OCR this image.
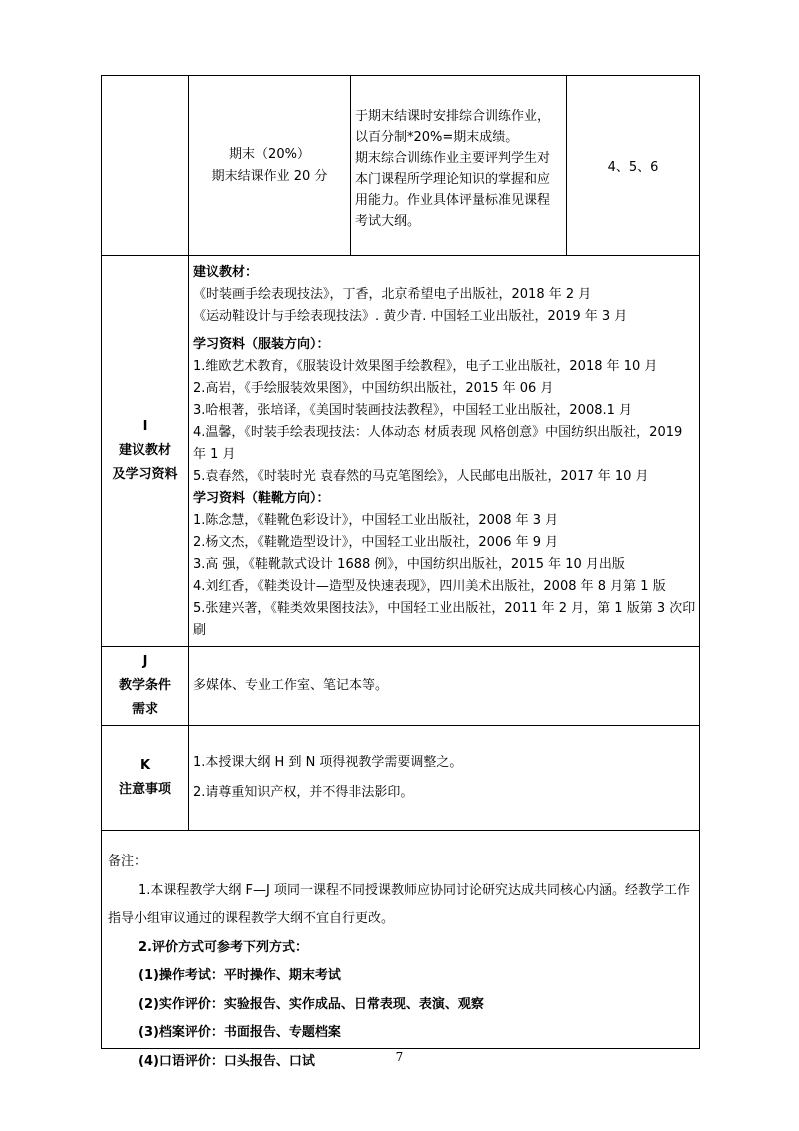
期末（20%）
期末结课作业 20 分
于期末结课时安排综合训练作业，
以百分制*20%=期末成绩。
期末综合训练作业主要评判学生对
本门课程所学理论知识的掌握和应
用能力。作业具体评量标准见课程
考试大纲。
4、5、6
I
建议教材
及学习资料
建议教材：
《时装画手绘表现技法》，丁香，北京希望电子出版社，2018 年 2 月
《运动鞋设计与手绘表现技法》. 黄少青. 中国轻工业出版社，2019 年 3 月
学习资料（服装方向）：
1.维欧艺术教育，《服装设计效果图手绘教程》，电子工业出版社，2018 年 10 月
2.高岩，《手绘服装效果图》，中国纺织出版社，2015 年 06 月
3.哈根著，张培译，《美国时装画技法教程》，中国轻工业出版社，2008.1 月
4.温馨，《时装手绘表现技法：人体动态 材质表现 风格创意》中国纺织出版社，2019 年 1 月
5.袁春然，《时装时光 袁春然的马克笔图绘》，人民邮电出版社，2017 年 10 月
学习资料（鞋靴方向）：
1.陈念慧，《鞋靴色彩设计》，中国轻工业出版社，2008 年 3 月
2.杨文杰，《鞋靴造型设计》，中国轻工业出版社，2006 年 9 月
3.高 强，《鞋靴款式设计 1688 例》，中国纺织出版社，2015 年 10 月出版
4.刘红香，《鞋类设计—造型及快速表现》，四川美术出版社，2008 年 8 月第 1 版
5.张建兴著，《鞋类效果图技法》，中国轻工业出版社，2011 年 2 月，第 1 版第 3 次印刷
J
教学条件
需求
多媒体、专业工作室、笔记本等。
K
注意事项
1.本授课大纲 H 到 N 项得视教学需要调整之。
2.请尊重知识产权，并不得非法影印。
备注：
1.本课程教学大纲 F—J 项同一课程不同授课教师应协同讨论研究达成共同核心内涵。经教学工作指导小组审议通过的课程教学大纲不宜自行更改。
2.评价方式可参考下列方式：
(1)操作考试：平时操作、期末考试
(2)实作评价：实验报告、实作成品、日常表现、表演、观察
(3)档案评价：书面报告、专题档案
(4)口语评价：口头报告、口试	7
